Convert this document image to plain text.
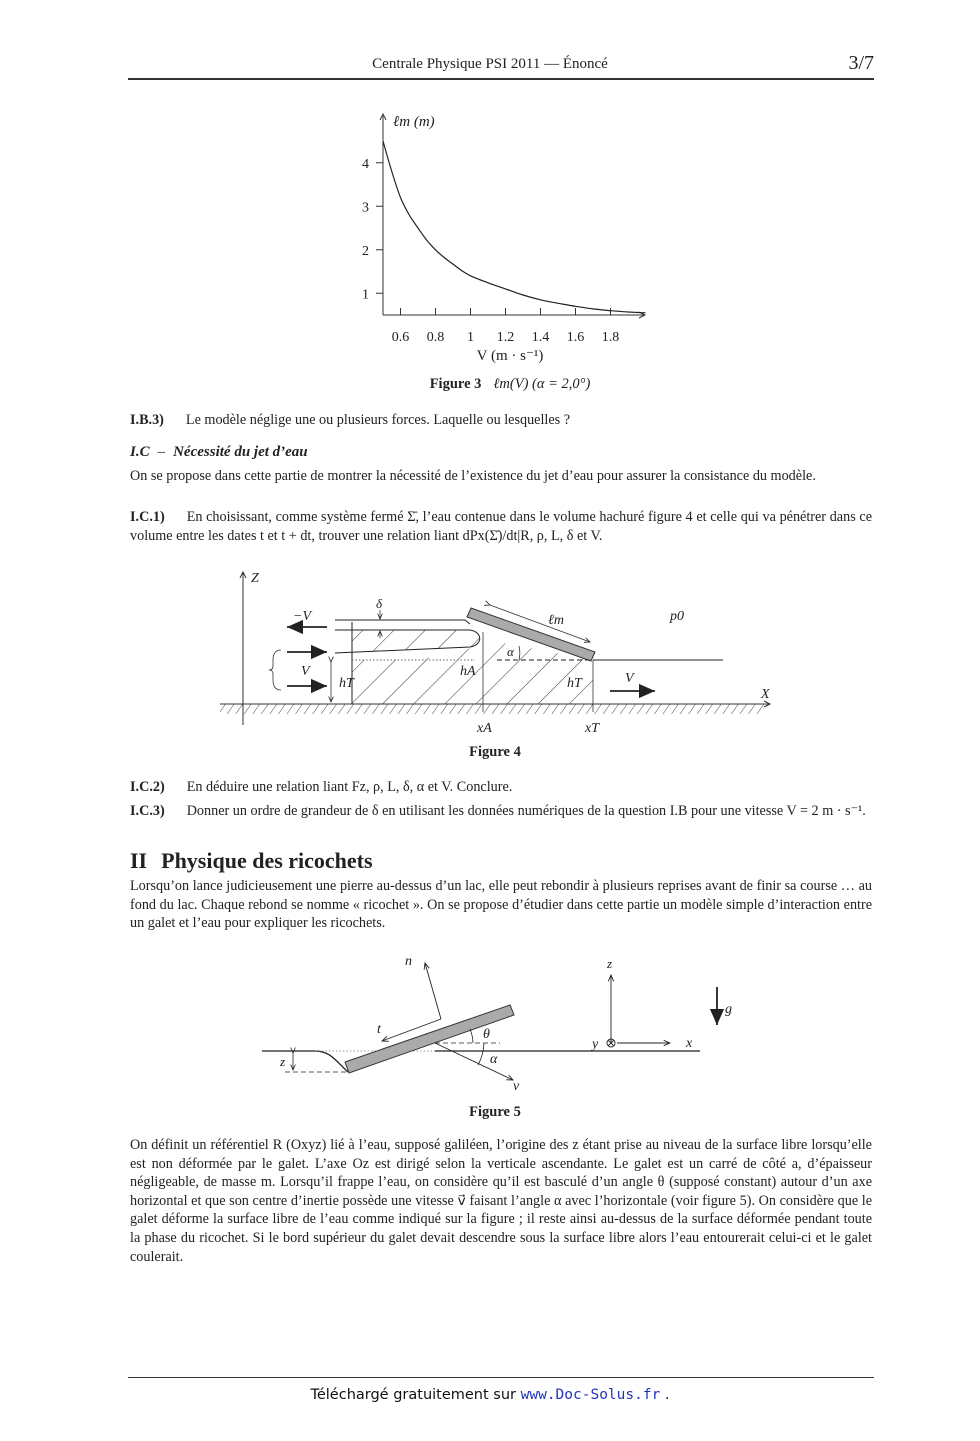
Centrale Physique PSI 2011 — Énoncé	3/7
0.6 0.8 1 1.2 1.4 1.6 1.8
1
2
3
4
ℓm (m)
V (m · s⁻¹)
Figure 3 ℓm(V) (α = 2,0°)
I.B.3) Le modèle néglige une ou plusieurs forces. Laquelle ou lesquelles ?
I.C – Nécessité du jet d’eau
On se propose dans cette partie de montrer la nécessité de l’existence du jet d’eau pour assurer la consistance du modèle.
I.C.1) En choisissant, comme système fermé Σ̄, l’eau contenue dans le volume hachuré figure 4 et celle qui va pénétrer dans ce volume entre les dates t et t + dt, trouver une relation liant dPx(Σ̄)/dt|R, ρ, L, δ et V.
Z
X
δ
hT
hA
hT
α
ℓm	p0
−V⃗
V⃗	V⃗
xA	xT
Figure 4
I.C.2) En déduire une relation liant Fz, ρ, L, δ, α et V. Conclure.
I.C.3) Donner un ordre de grandeur de δ en utilisant les données numériques de la question I.B pour une vitesse V = 2 m · s⁻¹.
II Physique des ricochets
Lorsqu’on lance judicieusement une pierre au-dessus d’un lac, elle peut rebondir à plusieurs reprises avant de finir sa course … au fond du lac. Chaque rebond se nomme « ricochet ». On se propose d’étudier dans cette partie un modèle simple d’interaction entre un galet et l’eau pour expliquer les ricochets.
z
n⃗
t⃗	θ
α
v⃗
z
x
y
g⃗
Figure 5
On définit un référentiel R (Oxyz) lié à l’eau, supposé galiléen, l’origine des z étant prise au niveau de la surface libre lorsqu’elle est non déformée par le galet. L’axe Oz est dirigé selon la verticale ascendante. Le galet est un carré de côté a, d’épaisseur négligeable, de masse m. Lorsqu’il frappe l’eau, on considère qu’il est basculé d’un angle θ (supposé constant) autour d’un axe horizontal et que son centre d’inertie possède une vitesse v⃗ faisant l’angle α avec l’horizontale (voir figure 5). On considère que le galet déforme la surface libre de l’eau comme indiqué sur la figure ; il reste ainsi au-dessus de la surface déformée pendant toute la phase du ricochet. Si le bord supérieur du galet devait descendre sous la surface libre alors l’eau entourerait celui-ci et le galet coulerait.
Téléchargé gratuitement sur www.Doc-Solus.fr .
